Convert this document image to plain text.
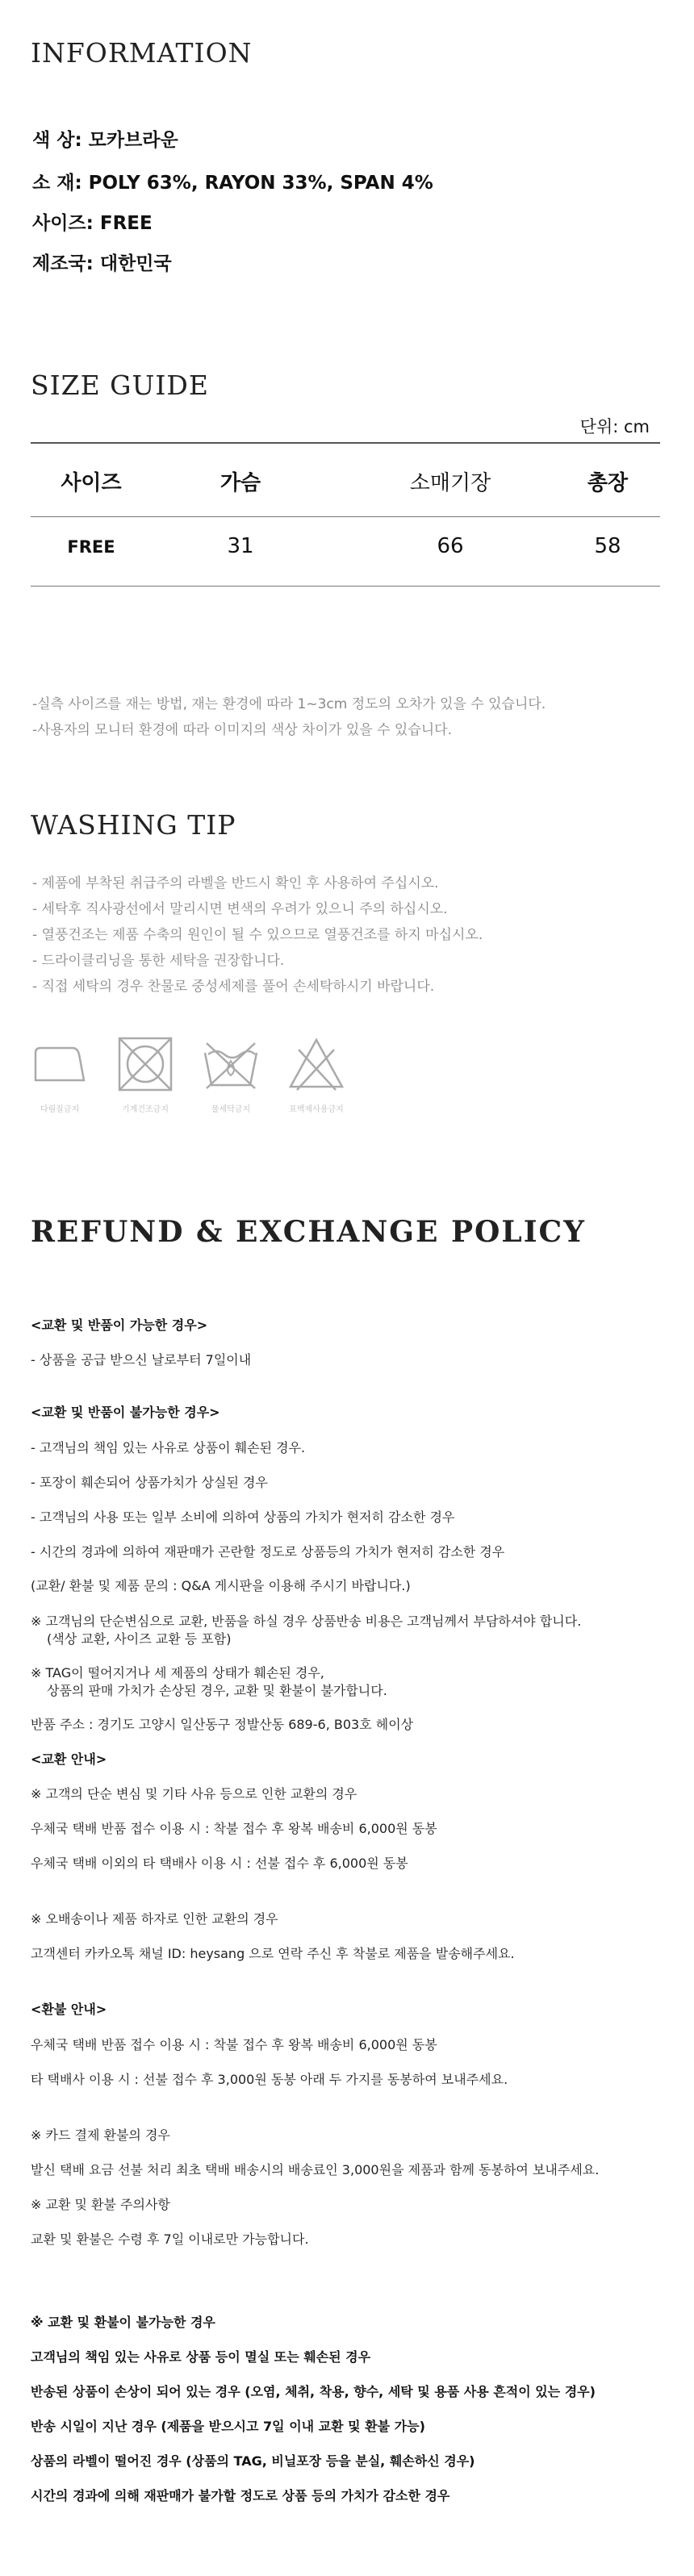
INFORMATION
색 상: 모카브라운
소 재: POLY 63%, RAYON 33%, SPAN 4%
사이즈: FREE
제조국: 대한민국
SIZE GUIDE
단위: cm
사이즈	가슴	소매기장	총장
FREE	31	66	58
-실측 사이즈를 재는 방법, 재는 환경에 따라 1~3cm 정도의 오차가 있을 수 있습니다.
-사용자의 모니터 환경에 따라 이미지의 색상 차이가 있을 수 있습니다.
WASHING TIP
- 제품에 부착된 취급주의 라벨을 반드시 확인 후 사용하여 주십시오.
- 세탁후 직사광선에서 말리시면 변색의 우려가 있으니 주의 하십시오.
- 열풍건조는 제품 수축의 원인이 될 수 있으므로 열풍건조를 하지 마십시오.
- 드라이클리닝을 통한 세탁을 권장합니다.
- 직접 세탁의 경우 찬물로 중성세제를 풀어 손세탁하시기 바랍니다.
다림질금지	기계건조금지	물세탁금지	표백제사용금지
REFUND & EXCHANGE POLICY
<교환 및 반품이 가능한 경우>
- 상품을 공급 받으신 날로부터 7일이내
<교환 및 반품이 불가능한 경우>
- 고객님의 책임 있는 사유로 상품이 훼손된 경우.
- 포장이 훼손되어 상품가치가 상실된 경우
- 고객님의 사용 또는 일부 소비에 의하여 상품의 가치가 현저히 감소한 경우
- 시간의 경과에 의하여 재판매가 곤란할 정도로 상품등의 가치가 현저히 감소한 경우
(교환/ 환불 및 제품 문의 : Q&A 게시판을 이용해 주시기 바랍니다.)
※ 고객님의 단순변심으로 교환, 반품을 하실 경우 상품반송 비용은 고객님께서 부담하셔야 합니다.
(색상 교환, 사이즈 교환 등 포함)
※ TAG이 떨어지거나 세 제품의 상태가 훼손된 경우,
상품의 판매 가치가 손상된 경우, 교환 및 환불이 불가합니다.
반품 주소 : 경기도 고양시 일산동구 정발산동 689-6, B03호 헤이상
<교환 안내>
※ 고객의 단순 변심 및 기타 사유 등으로 인한 교환의 경우
우체국 택배 반품 접수 이용 시 : 착불 접수 후 왕복 배송비 6,000원 동봉
우체국 택배 이외의 타 택배사 이용 시 : 선불 접수 후 6,000원 동봉
※ 오배송이나 제품 하자로 인한 교환의 경우
고객센터 카카오톡 채널 ID: heysang 으로 연락 주신 후 착불로 제품을 발송해주세요.
<환불 안내>
우체국 택배 반품 접수 이용 시 : 착불 접수 후 왕복 배송비 6,000원 동봉
타 택배사 이용 시 : 선불 접수 후 3,000원 동봉 아래 두 가지를 동봉하여 보내주세요.
※ 카드 결제 환불의 경우
발신 택배 요금 선불 처리 최초 택배 배송시의 배송료인 3,000원을 제품과 함께 동봉하여 보내주세요.
※ 교환 및 환불 주의사항
교환 및 환불은 수령 후 7일 이내로만 가능합니다.
※ 교환 및 환불이 불가능한 경우
고객님의 책임 있는 사유로 상품 등이 멸실 또는 훼손된 경우
반송된 상품이 손상이 되어 있는 경우 (오염, 체취, 착용, 향수, 세탁 및 용품 사용 흔적이 있는 경우)
반송 시일이 지난 경우 (제품을 받으시고 7일 이내 교환 및 환불 가능)
상품의 라벨이 떨어진 경우 (상품의 TAG, 비닐포장 등을 분실, 훼손하신 경우)
시간의 경과에 의해 재판매가 불가할 정도로 상품 등의 가치가 감소한 경우
